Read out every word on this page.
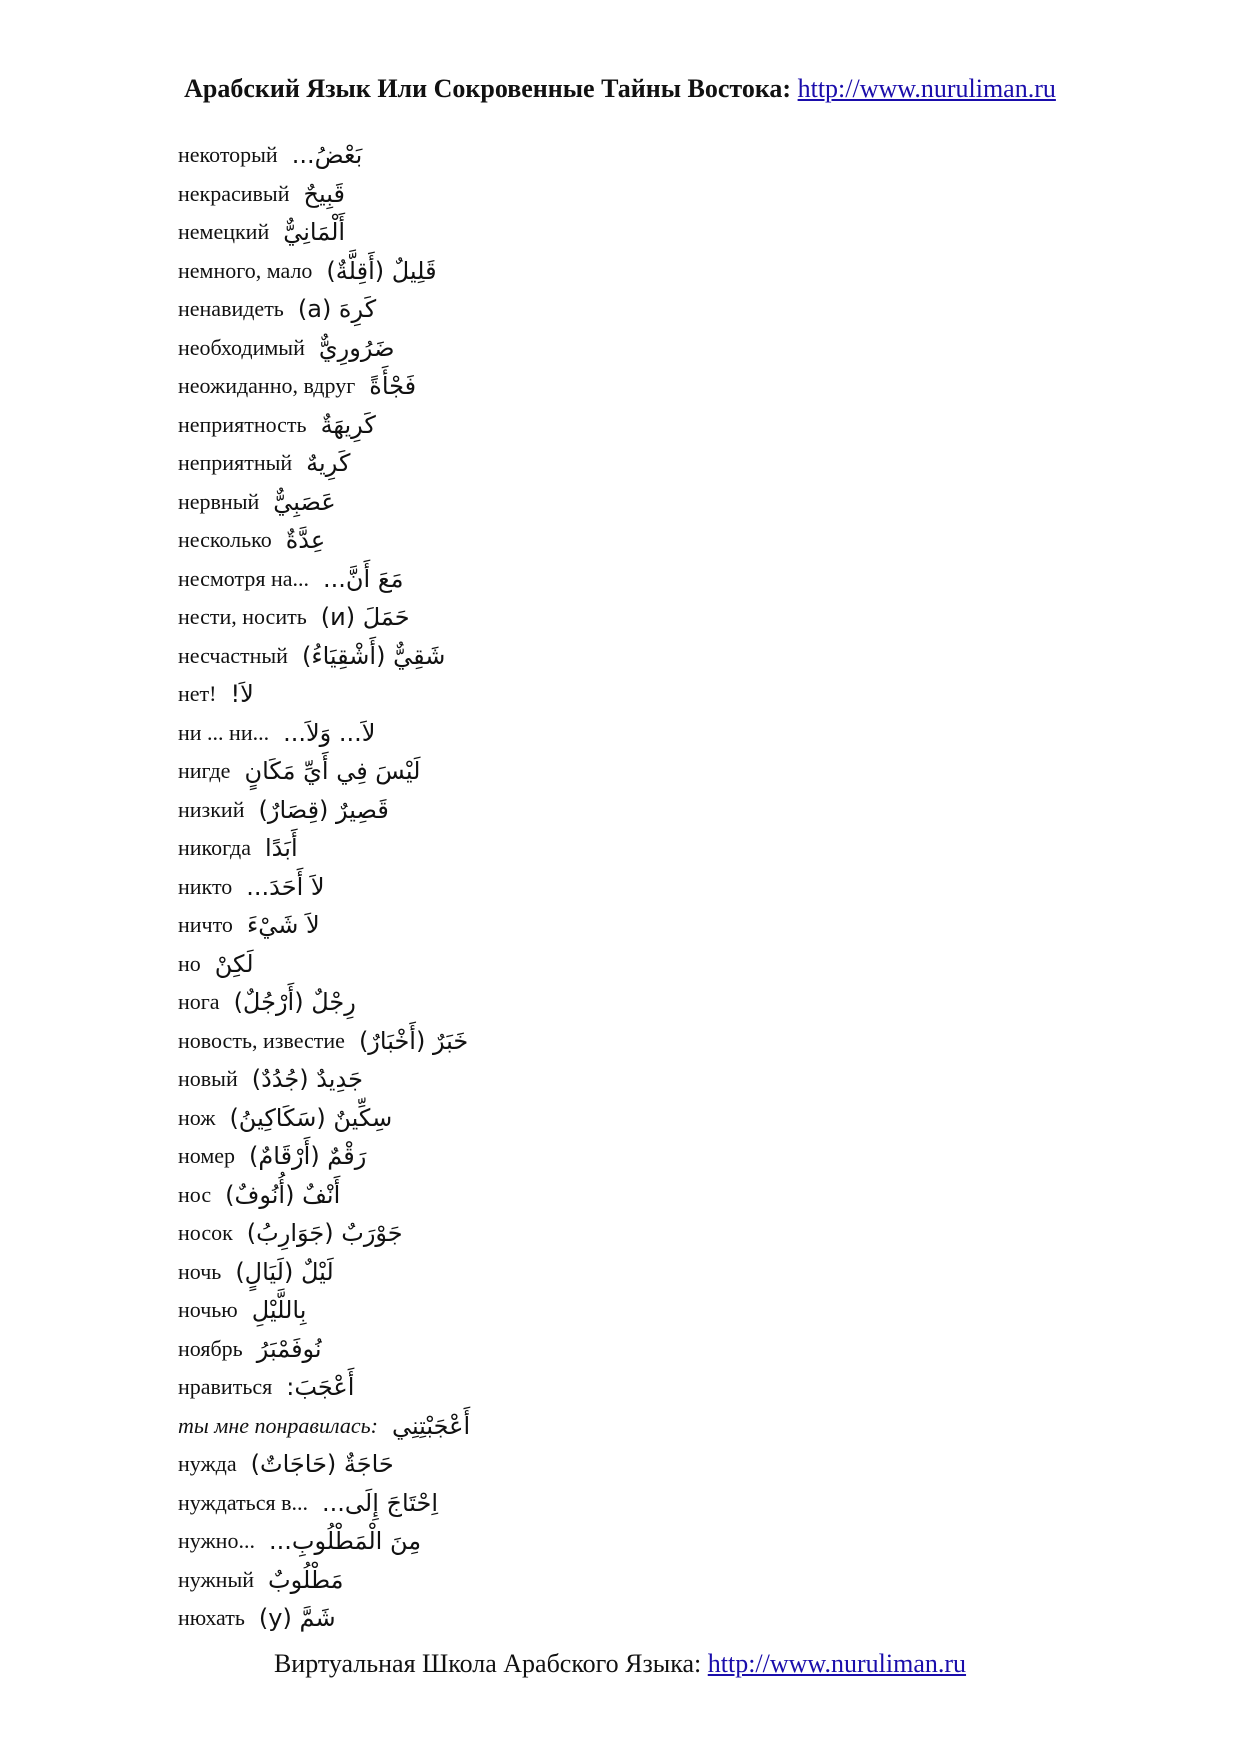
Арабский Язык Или Сокровенные Тайны Востока: http://www.nuruliman.ru
некоторый بَعْضُ...
некрасивый قَبِيحٌ
немецкий أَلْمَانِيٌّ
немного, мало قَلِيلٌ (أَقِلَّةٌ)
ненавидеть كَرِهَ (а)
необходимый ضَرُورِيٌّ
неожиданно, вдруг فَجْأَةً
неприятность كَرِيهَةٌ
неприятный كَرِيهٌ
нервный عَصَبِيٌّ
несколько عِدَّةٌ
несмотря на... مَعَ أَنَّ...
нести, носить حَمَلَ (и)
несчастный شَقِيٌّ (أَشْقِيَاءُ)
нет! لاَ!
ни ... ни... لاَ... وَلاَ...
нигде لَيْسَ فِي أَيِّ مَكَانٍ
низкий قَصِيرٌ (قِصَارٌ)
никогда أَبَدًا
никто لاَ أَحَدَ...
ничто لاَ شَيْءَ
но لَكِنْ
нога رِجْلٌ (أَرْجُلٌ)
новость, известие خَبَرٌ (أَخْبَارٌ)
новый جَدِيدٌ (جُدُدٌ)
нож سِكِّينٌ (سَكَاكِينُ)
номер رَقْمٌ (أَرْقَامٌ)
нос أَنْفٌ (أُنُوفٌ)
носок جَوْرَبٌ (جَوَارِبُ)
ночь لَيْلٌ (لَيَالٍ)
ночью بِاللَّيْلِ
ноябрь نُوفَمْبَرُ
нравиться أَعْجَبَ:
ты мне понравилась: أَعْجَبْتِنِي
нужда حَاجَةٌ (حَاجَاتٌ)
нуждаться в... اِحْتَاجَ إِلَى...
нужно... مِنَ الْمَطْلُوبِ...
нужный مَطْلُوبٌ
нюхать شَمَّ (у)
Виртуальная Школа Арабского Языка: http://www.nuruliman.ru
